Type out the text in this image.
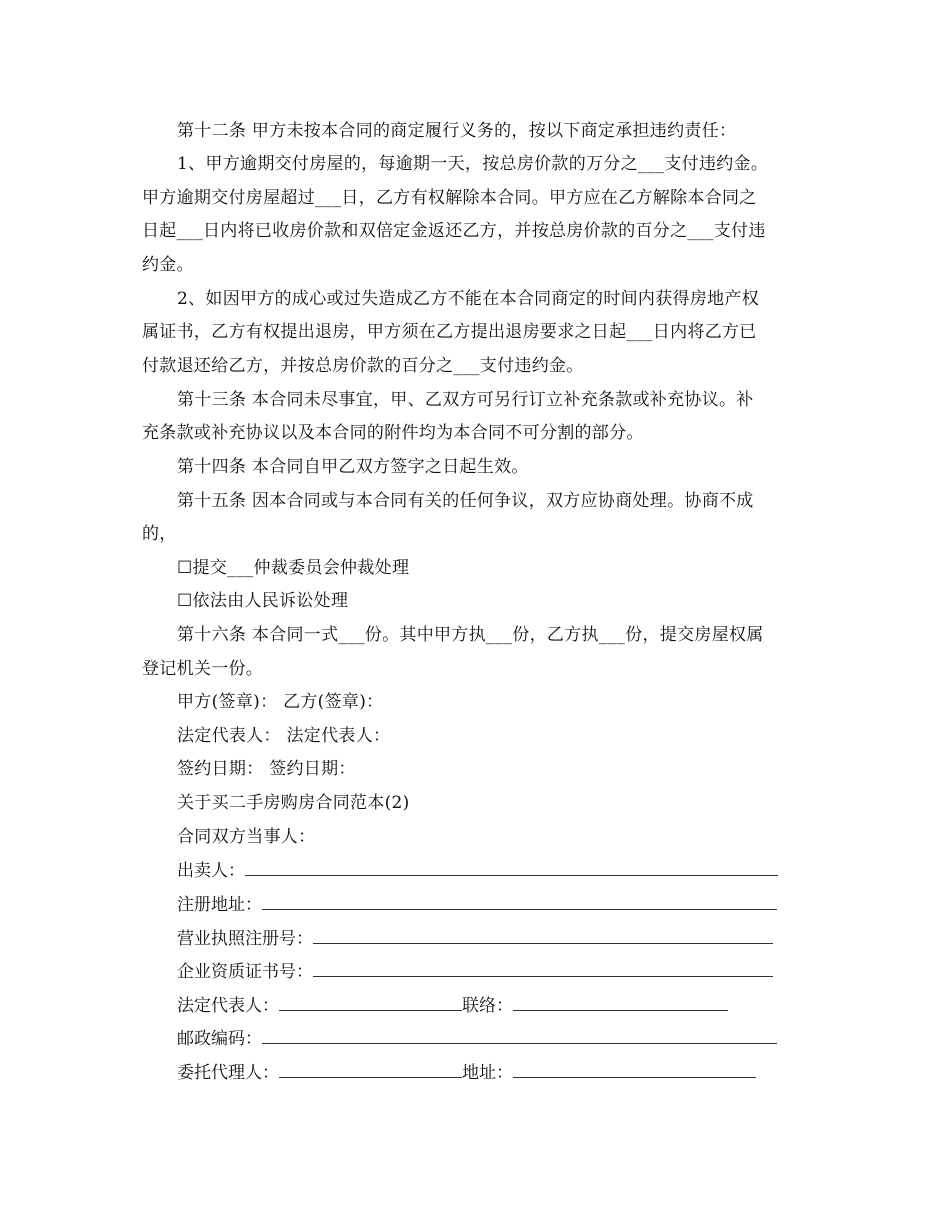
第十二条 甲方未按本合同的商定履行义务的，按以下商定承担违约责任：
1、甲方逾期交付房屋的，每逾期一天，按总房价款的万分之___支付违约金。
甲方逾期交付房屋超过___日，乙方有权解除本合同。甲方应在乙方解除本合同之
日起___日内将已收房价款和双倍定金返还乙方，并按总房价款的百分之___支付违
约金。
2、如因甲方的成心或过失造成乙方不能在本合同商定的时间内获得房地产权
属证书，乙方有权提出退房，甲方须在乙方提出退房要求之日起___日内将乙方已
付款退还给乙方，并按总房价款的百分之___支付违约金。
第十三条 本合同未尽事宜，甲、乙双方可另行订立补充条款或补充协议。补
充条款或补充协议以及本合同的附件均为本合同不可分割的部分。
第十四条 本合同自甲乙双方签字之日起生效。
第十五条 因本合同或与本合同有关的任何争议，双方应协商处理。协商不成
的，
☐提交___仲裁委员会仲裁处理
☐依法由人民诉讼处理
第十六条 本合同一式___份。其中甲方执___份，乙方执___份，提交房屋权属
登记机关一份。
甲方(签章)： 乙方(签章)：
法定代表人： 法定代表人：
签约日期： 签约日期：
关于买二手房购房合同范本(2)
合同双方当事人：
出卖人：
注册地址：
营业执照注册号：
企业资质证书号：
法定代表人：	联络：
邮政编码：
委托代理人：	地址：
